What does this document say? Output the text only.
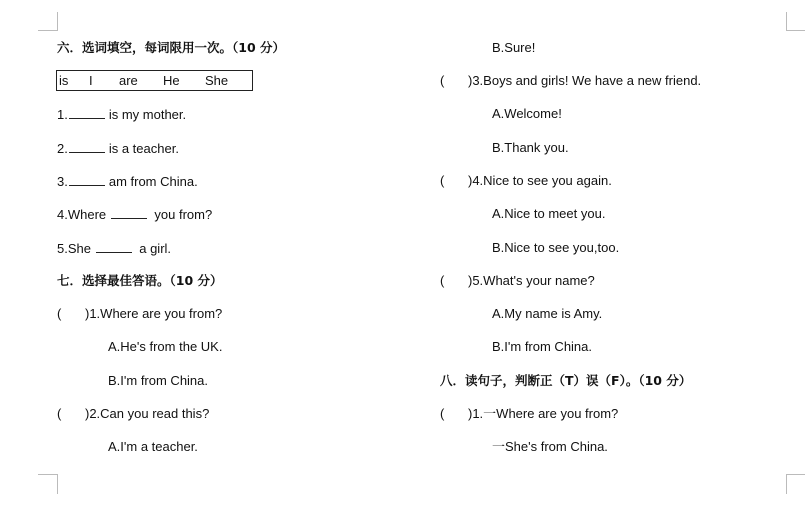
六．选词填空，每词限用一次。（10 分）
is I are He She
1.	is my mother.
2.	is a teacher.
3.	am from China.
4.Where	you from?
5.She	a girl.
七．选择最佳答语。（10 分）
( )1.Where are you from?
A.He's from the UK.
B.I'm from China.
( )2.Can you read this?
A.I'm a teacher.
B.Sure!
( )3.Boys and girls! We have a new friend.
A.Welcome!
B.Thank you.
( )4.Nice to see you again.
A.Nice to meet you.
B.Nice to see you,too.
( )5.What's your name?
A.My name is Amy.
B.I'm from China.
八．读句子，判断正（T）误（F）。（10 分）
( )1.一Where are you from?
一She's from China.
